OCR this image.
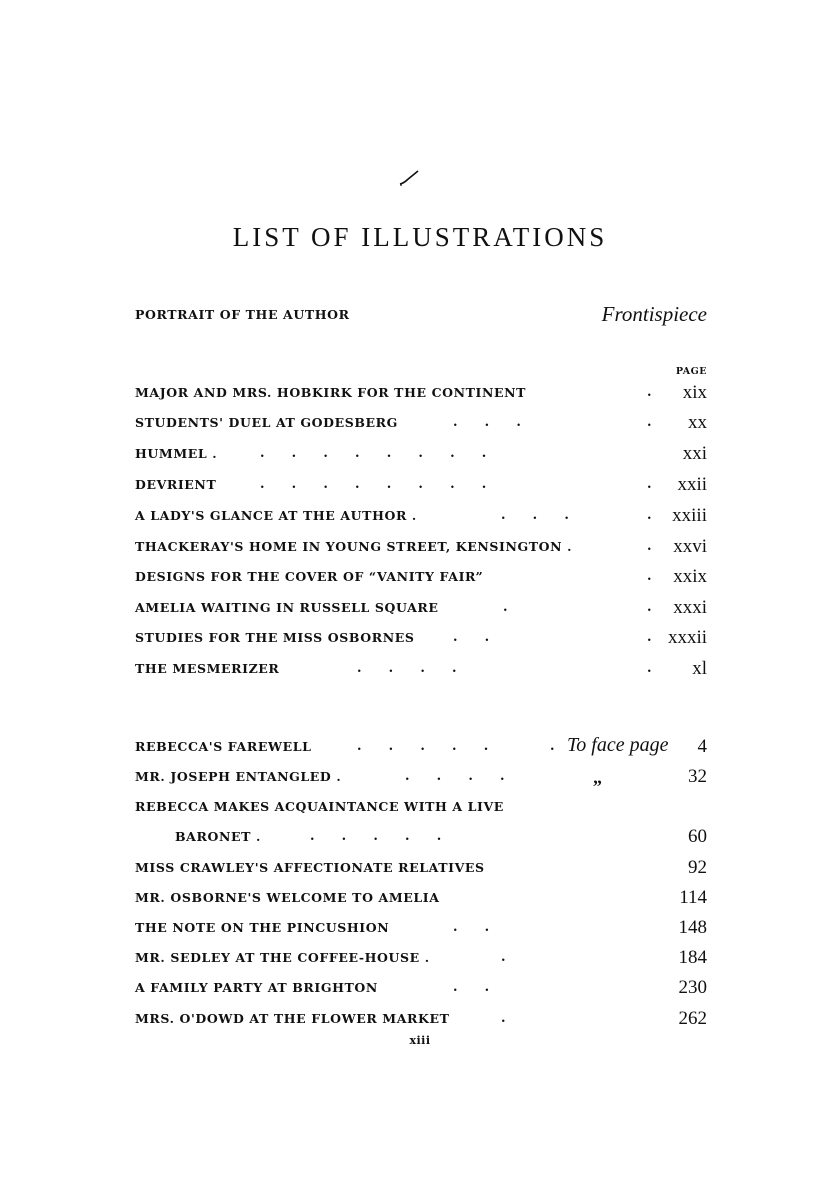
LIST OF ILLUSTRATIONS
PORTRAIT OF THE AUTHOR	Frontispiece
PAGE
MAJOR AND MRS. HOBKIRK FOR THE CONTINENT	. xix
STUDENTS' DUEL AT GODESBERG	.      .      .	. xx
HUMMEL .	.      .      .      .      .      .      .      .	xxi
DEVRIENT	.      .      .      .      .      .      .      .	. xxii
A LADY'S GLANCE AT THE AUTHOR .	.      .      .	. xxiii
THACKERAY'S HOME IN YOUNG STREET, KENSINGTON .	. xxvi
DESIGNS FOR THE COVER OF “VANITY FAIR”	. xxix
AMELIA WAITING IN RUSSELL SQUARE	.	. xxxi
STUDIES FOR THE MISS OSBORNES	.      .	. xxxii
THE MESMERIZER	.      .      .      .	. xl
REBECCA'S FAREWELL	.      .      .      .      .	. To face page 4
MR. JOSEPH ENTANGLED .	.      .      .      .	„	32
REBECCA MAKES ACQUAINTANCE WITH A LIVE
BARONET .	.      .      .      .      .	60
MISS CRAWLEY'S AFFECTIONATE RELATIVES	92
MR. OSBORNE'S WELCOME TO AMELIA	114
THE NOTE ON THE PINCUSHION	.      .	148
MR. SEDLEY AT THE COFFEE-HOUSE .	.	184
A FAMILY PARTY AT BRIGHTON	.      .	230
MRS. O'DOWD AT THE FLOWER MARKET	.	262
xiii
